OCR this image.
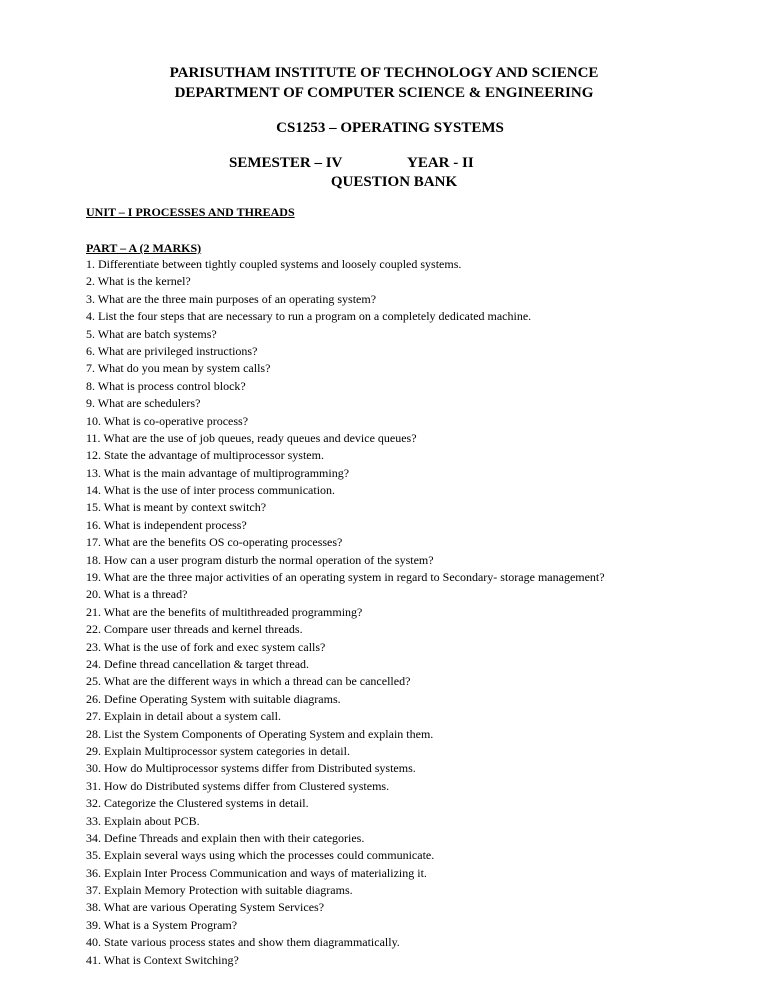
PARISUTHAM INSTITUTE OF TECHNOLOGY AND SCIENCE
DEPARTMENT OF COMPUTER SCIENCE & ENGINEERING
CS1253 – OPERATING SYSTEMS
SEMESTER – IV	YEAR - II
QUESTION BANK
UNIT – I PROCESSES AND THREADS
PART – A (2 MARKS)
1. Differentiate between tightly coupled systems and loosely coupled systems.
2. What is the kernel?
3. What are the three main purposes of an operating system?
4. List the four steps that are necessary to run a program on a completely dedicated machine.
5. What are batch systems?
6. What are privileged instructions?
7. What do you mean by system calls?
8. What is process control block?
9. What are schedulers?
10. What is co-operative process?
11. What are the use of job queues, ready queues and device queues?
12. State the advantage of multiprocessor system.
13. What is the main advantage of multiprogramming?
14. What is the use of inter process communication.
15. What is meant by context switch?
16. What is independent process?
17. What are the benefits OS co-operating processes?
18. How can a user program disturb the normal operation of the system?
19. What are the three major activities of an operating system in regard to Secondary- storage management?
20. What is a thread?
21. What are the benefits of multithreaded programming?
22. Compare user threads and kernel threads.
23. What is the use of fork and exec system calls?
24. Define thread cancellation & target thread.
25. What are the different ways in which a thread can be cancelled?
26. Define Operating System with suitable diagrams.
27. Explain in detail about a system call.
28. List the System Components of Operating System and explain them.
29. Explain Multiprocessor system categories in detail.
30. How do Multiprocessor systems differ from Distributed systems.
31. How do Distributed systems differ from Clustered systems.
32. Categorize the Clustered systems in detail.
33. Explain about PCB.
34. Define Threads and explain then with their categories.
35. Explain several ways using which the processes could communicate.
36. Explain Inter Process Communication and ways of materializing it.
37. Explain Memory Protection with suitable diagrams.
38. What are various Operating System Services?
39. What is a System Program?
40. State various process states and show them diagrammatically.
41. What is Context Switching?
